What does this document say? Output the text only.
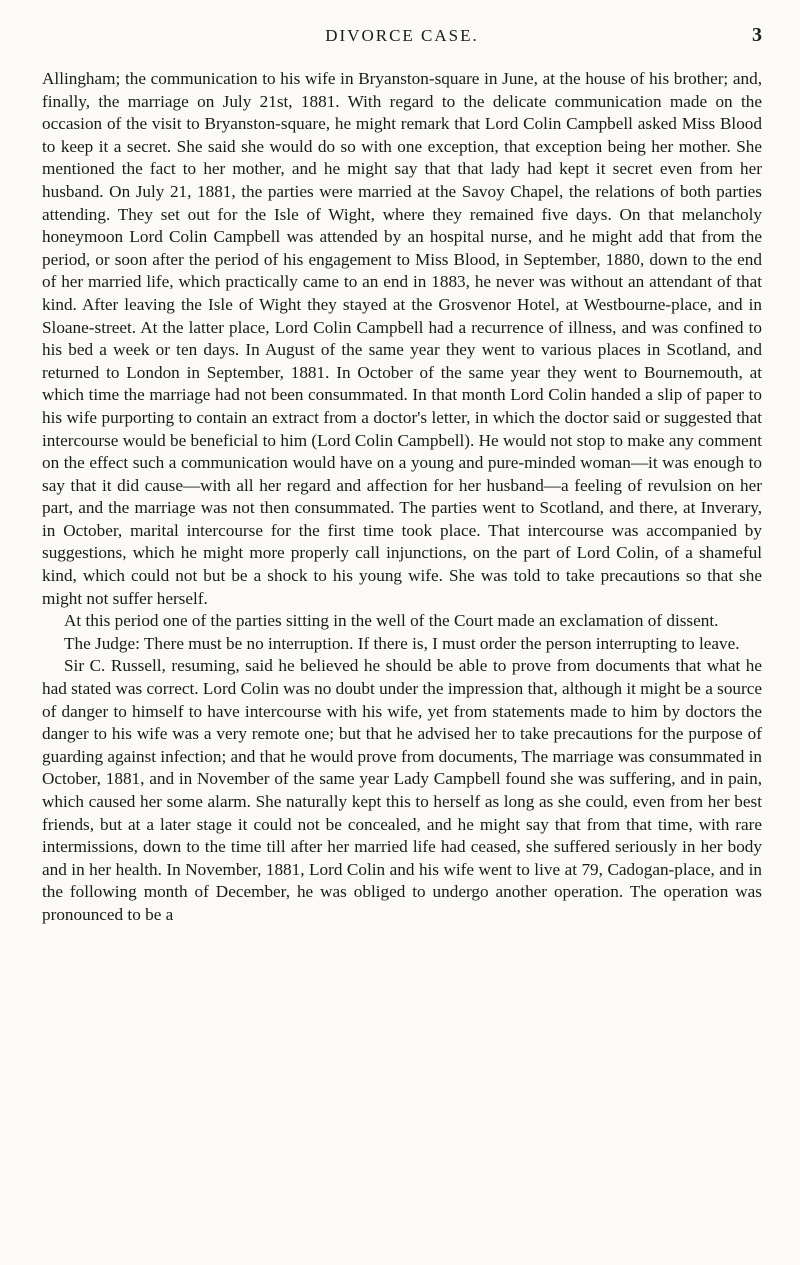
DIVORCE CASE.	3

Allingham; the communication to his wife in Bryanston-square in June, at the house of his brother; and, finally, the marriage on July 21st, 1881. With regard to the delicate communication made on the occasion of the visit to Bryanston-square, he might remark that Lord Colin Campbell asked Miss Blood to keep it a secret. She said she would do so with one exception, that exception being her mother. She mentioned the fact to her mother, and he might say that that lady had kept it secret even from her husband. On July 21, 1881, the parties were married at the Savoy Chapel, the relations of both parties attending. They set out for the Isle of Wight, where they remained five days. On that melancholy honeymoon Lord Colin Campbell was attended by an hospital nurse, and he might add that from the period, or soon after the period of his engagement to Miss Blood, in September, 1880, down to the end of her married life, which practically came to an end in 1883, he never was without an attendant of that kind. After leaving the Isle of Wight they stayed at the Grosvenor Hotel, at Westbourne-place, and in Sloane-street. At the latter place, Lord Colin Campbell had a recurrence of illness, and was confined to his bed a week or ten days. In August of the same year they went to various places in Scotland, and returned to London in September, 1881. In October of the same year they went to Bournemouth, at which time the marriage had not been consummated. In that month Lord Colin handed a slip of paper to his wife purporting to contain an extract from a doctor's letter, in which the doctor said or suggested that intercourse would be beneficial to him (Lord Colin Campbell). He would not stop to make any comment on the effect such a communication would have on a young and pure-minded woman—it was enough to say that it did cause—with all her regard and affection for her husband—a feeling of revulsion on her part, and the marriage was not then consummated. The parties went to Scotland, and there, at Inverary, in October, marital intercourse for the first time took place. That intercourse was accompanied by suggestions, which he might more properly call injunctions, on the part of Lord Colin, of a shameful kind, which could not but be a shock to his young wife. She was told to take precautions so that she might not suffer herself.

At this period one of the parties sitting in the well of the Court made an exclamation of dissent.

The Judge: There must be no interruption. If there is, I must order the person interrupting to leave.

Sir C. Russell, resuming, said he believed he should be able to prove from documents that what he had stated was correct. Lord Colin was no doubt under the impression that, although it might be a source of danger to himself to have intercourse with his wife, yet from statements made to him by doctors the danger to his wife was a very remote one; but that he advised her to take precautions for the purpose of guarding against infection; and that he would prove from documents, The marriage was consummated in October, 1881, and in November of the same year Lady Campbell found she was suffering, and in pain, which caused her some alarm. She naturally kept this to herself as long as she could, even from her best friends, but at a later stage it could not be concealed, and he might say that from that time, with rare intermissions, down to the time till after her married life had ceased, she suffered seriously in her body and in her health. In November, 1881, Lord Colin and his wife went to live at 79, Cadogan-place, and in the following month of December, he was obliged to undergo another operation. The operation was pronounced to be a
